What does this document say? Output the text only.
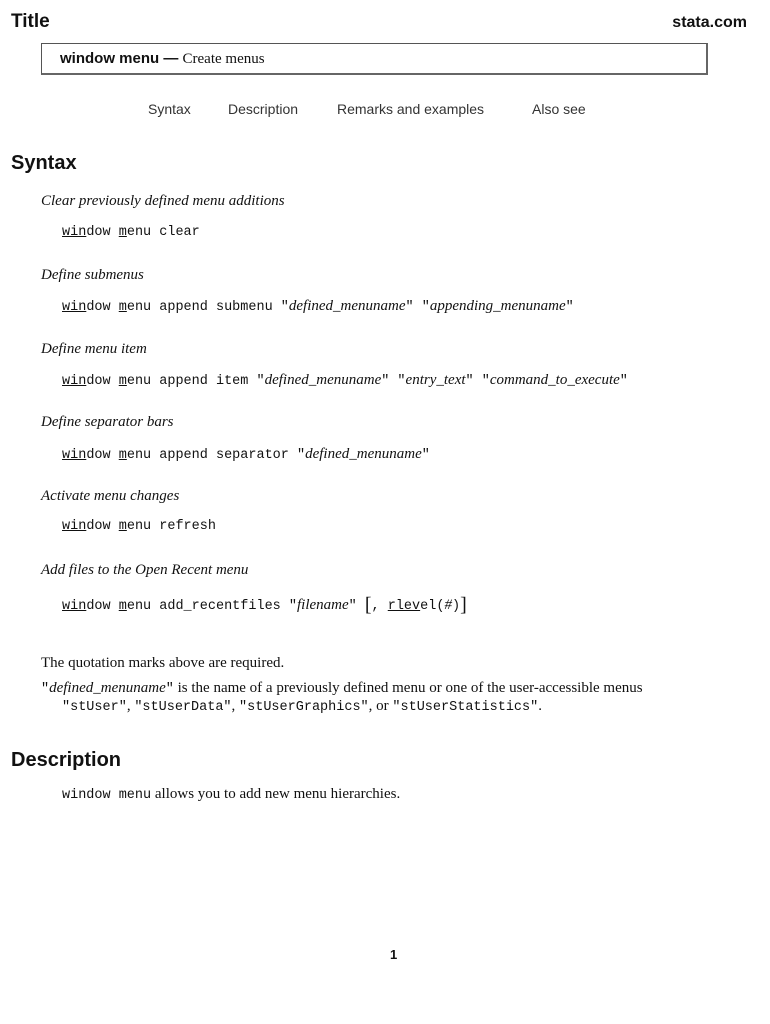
Title	stata.com
window menu — Create menus
Syntax	Description	Remarks and examples	Also see
Syntax
Clear previously defined menu additions
window menu clear
Define submenus
window menu append submenu "defined_menuname" "appending_menuname"
Define menu item
window menu append item "defined_menuname" "entry_text" "command_to_execute"
Define separator bars
window menu append separator "defined_menuname"
Activate menu changes
window menu refresh
Add files to the Open Recent menu
window menu add_recentfiles "filename" [, rlevel(#)]
The quotation marks above are required.
"defined_menuname" is the name of a previously defined menu or one of the user-accessible menus
"stUser", "stUserData", "stUserGraphics", or "stUserStatistics".
Description
window menu allows you to add new menu hierarchies.
1
